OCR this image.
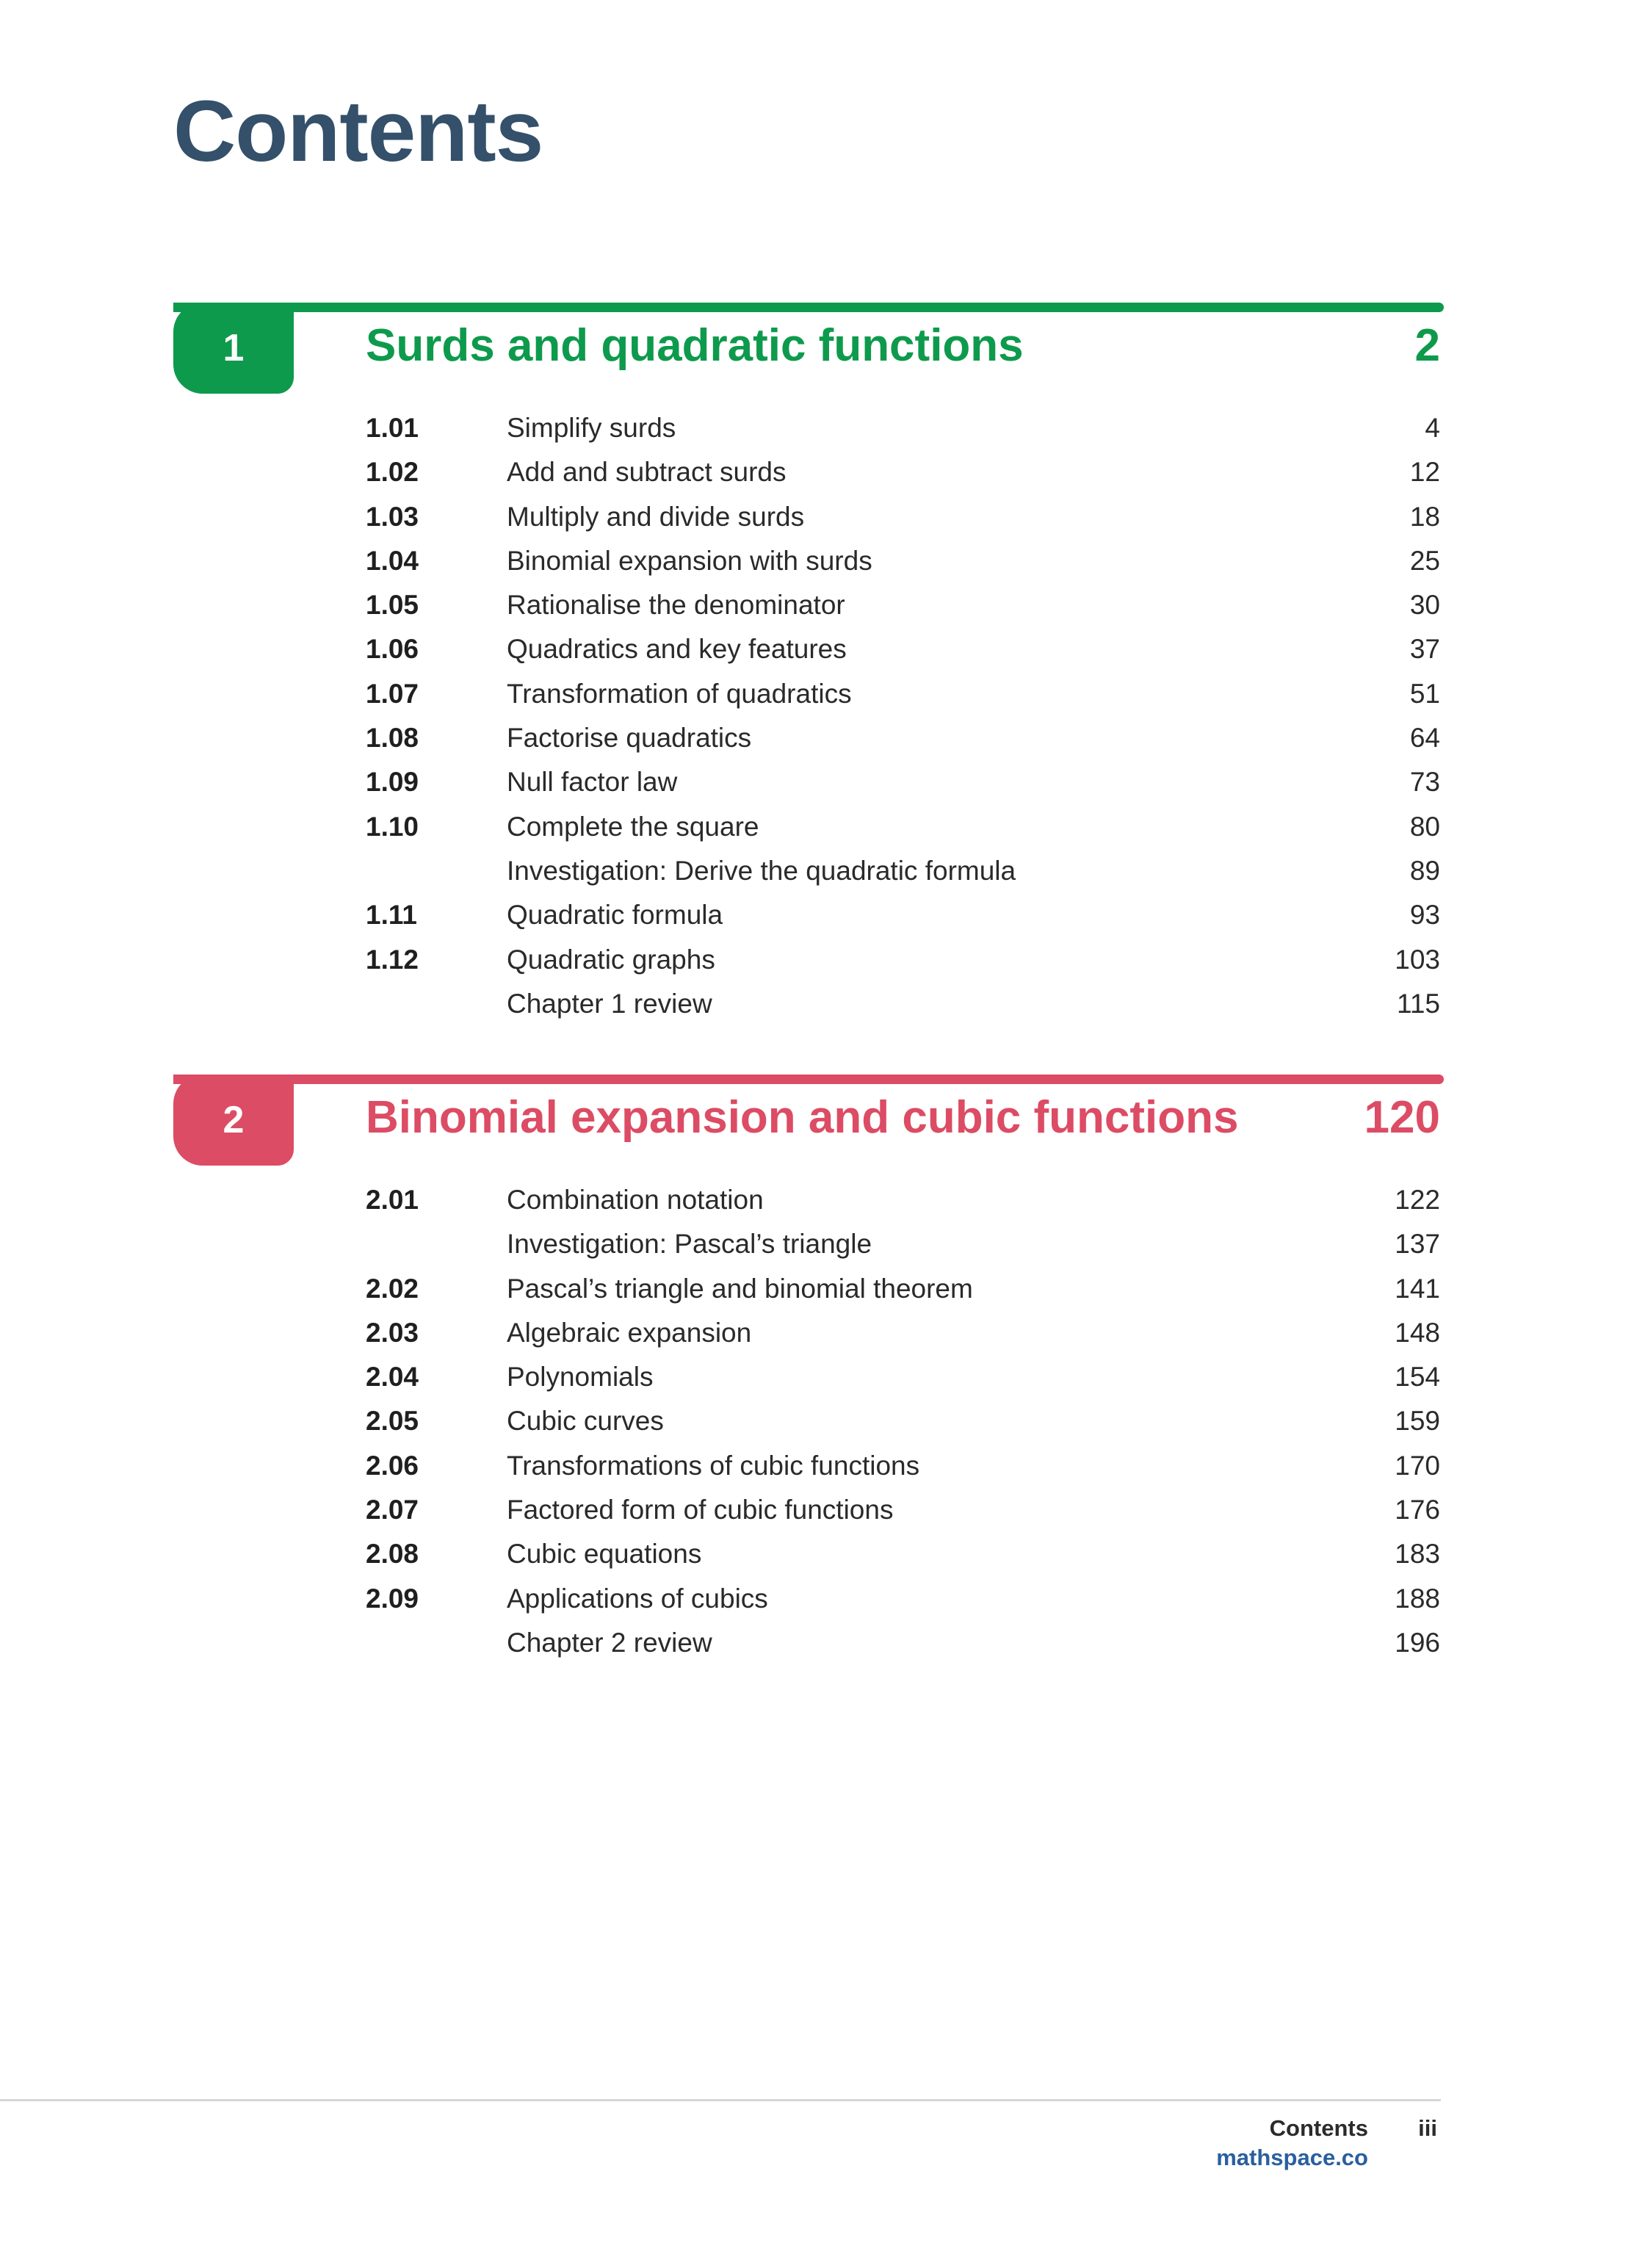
Contents
1	Surds and quadratic functions	2
1.01	Simplify surds	4
1.02	Add and subtract surds	12
1.03	Multiply and divide surds	18
1.04	Binomial expansion with surds	25
1.05	Rationalise the denominator	30
1.06	Quadratics and key features	37
1.07	Transformation of quadratics	51
1.08	Factorise quadratics	64
1.09	Null factor law	73
1.10	Complete the square	80
Investigation: Derive the quadratic formula	89
1.11	Quadratic formula	93
1.12	Quadratic graphs	103
Chapter 1 review	115
2	Binomial expansion and cubic functions	120
2.01	Combination notation	122
Investigation: Pascal’s triangle	137
2.02	Pascal’s triangle and binomial theorem	141
2.03	Algebraic expansion	148
2.04	Polynomials	154
2.05	Cubic curves	159
2.06	Transformations of cubic functions	170
2.07	Factored form of cubic functions	176
2.08	Cubic equations	183
2.09	Applications of cubics	188
Chapter 2 review	196
Contents iii
mathspace.co
